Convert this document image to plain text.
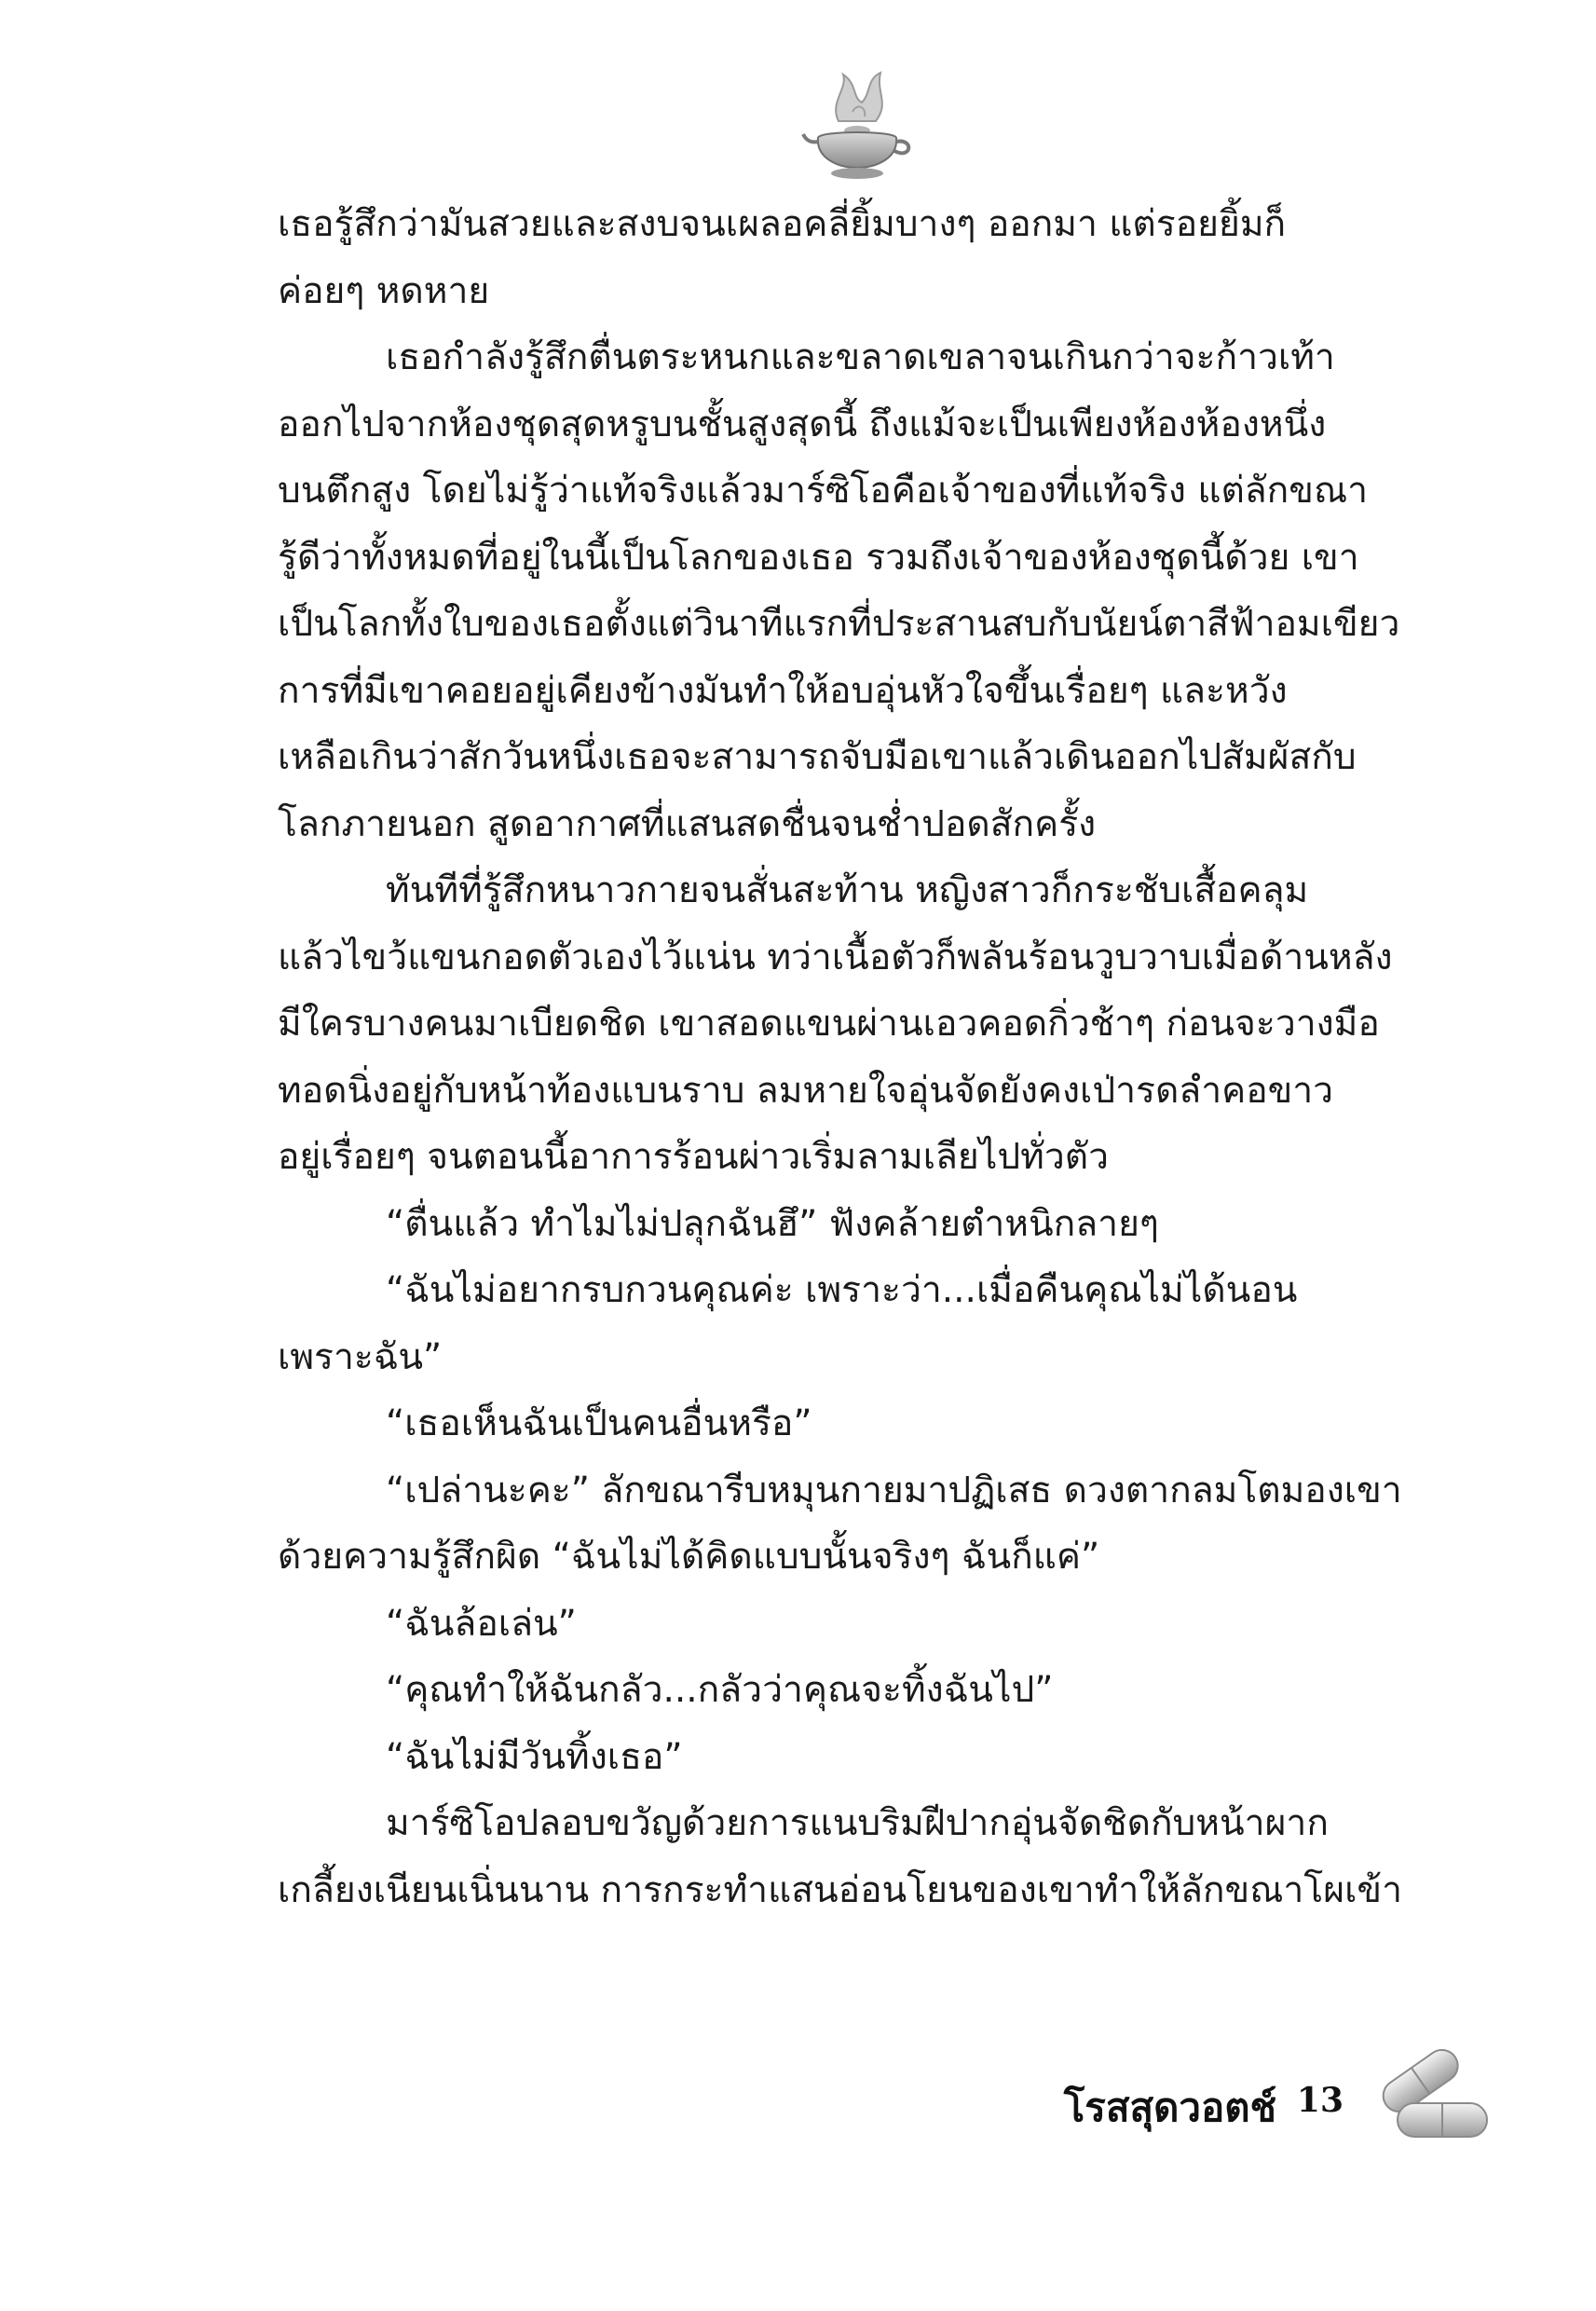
เธอรู้สึกว่ามันสวยและสงบจนเผลอคลี่ยิ้มบางๆ ออกมา แต่รอยยิ้มก็

ค่อยๆ หดหาย

เธอกำลังรู้สึกตื่นตระหนกและขลาดเขลาจนเกินกว่าจะก้าวเท้า

ออกไปจากห้องชุดสุดหรูบนชั้นสูงสุดนี้ ถึงแม้จะเป็นเพียงห้องห้องหนึ่ง

บนตึกสูง โดยไม่รู้ว่าแท้จริงแล้วมาร์ซิโอคือเจ้าของที่แท้จริง แต่ลักขณา

รู้ดีว่าทั้งหมดที่อยู่ในนี้เป็นโลกของเธอ รวมถึงเจ้าของห้องชุดนี้ด้วย เขา

เป็นโลกทั้งใบของเธอตั้งแต่วินาทีแรกที่ประสานสบกับนัยน์ตาสีฟ้าอมเขียว

การที่มีเขาคอยอยู่เคียงข้างมันทำให้อบอุ่นหัวใจขึ้นเรื่อยๆ และหวัง

เหลือเกินว่าสักวันหนึ่งเธอจะสามารถจับมือเขาแล้วเดินออกไปสัมผัสกับ

โลกภายนอก สูดอากาศที่แสนสดชื่นจนช่ำปอดสักครั้ง

ทันทีที่รู้สึกหนาวกายจนสั่นสะท้าน หญิงสาวก็กระชับเสื้อคลุม

แล้วไขว้แขนกอดตัวเองไว้แน่น ทว่าเนื้อตัวก็พลันร้อนวูบวาบเมื่อด้านหลัง

มีใครบางคนมาเบียดชิด เขาสอดแขนผ่านเอวคอดกิ่วช้าๆ ก่อนจะวางมือ

ทอดนิ่งอยู่กับหน้าท้องแบนราบ ลมหายใจอุ่นจัดยังคงเป่ารดลำคอขาว

อยู่เรื่อยๆ จนตอนนี้อาการร้อนผ่าวเริ่มลามเลียไปทั่วตัว

“ตื่นแล้ว ทำไมไม่ปลุกฉันฮึ” ฟังคล้ายตำหนิกลายๆ

“ฉันไม่อยากรบกวนคุณค่ะ เพราะว่า...เมื่อคืนคุณไม่ได้นอน

เพราะฉัน”

“เธอเห็นฉันเป็นคนอื่นหรือ”

“เปล่านะคะ” ลักขณารีบหมุนกายมาปฏิเสธ ดวงตากลมโตมองเขา

ด้วยความรู้สึกผิด “ฉันไม่ได้คิดแบบนั้นจริงๆ ฉันก็แค่”

“ฉันล้อเล่น”

“คุณทำให้ฉันกลัว...กลัวว่าคุณจะทิ้งฉันไป”

“ฉันไม่มีวันทิ้งเธอ”

มาร์ซิโอปลอบขวัญด้วยการแนบริมฝีปากอุ่นจัดชิดกับหน้าผาก

เกลี้ยงเนียนเนิ่นนาน การกระทำแสนอ่อนโยนของเขาทำให้ลักขณาโผเข้า

โรสสุดวอตช์ 13
